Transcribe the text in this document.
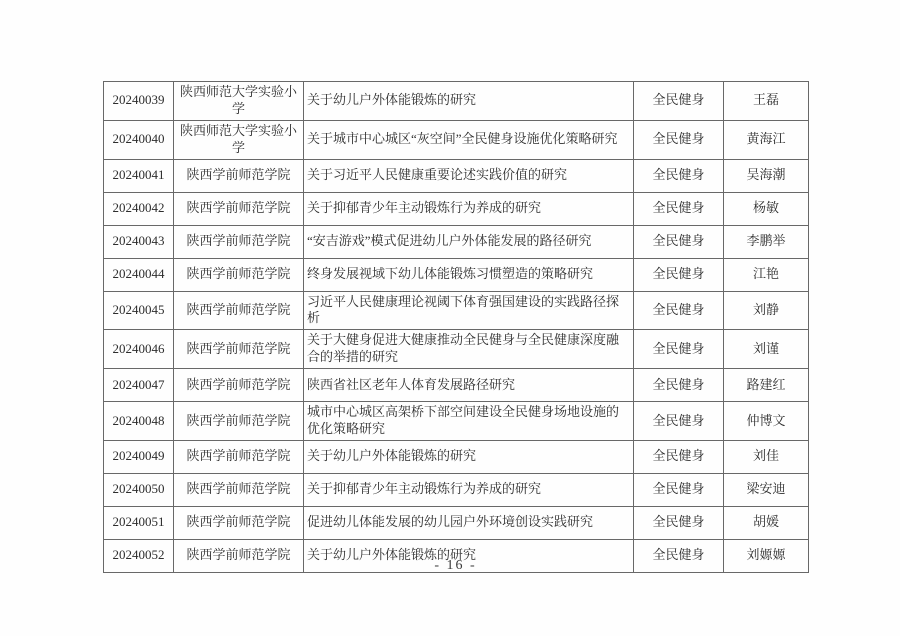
20240039	陕西师范大学实验小学	关于幼儿户外体能锻炼的研究	全民健身	王磊
20240040	陕西师范大学实验小学	关于城市中心城区“灰空间”全民健身设施优化策略研究	全民健身	黄海江
20240041	陕西学前师范学院	关于习近平人民健康重要论述实践价值的研究	全民健身	吴海潮
20240042	陕西学前师范学院	关于抑郁青少年主动锻炼行为养成的研究	全民健身	杨敏
20240043	陕西学前师范学院	“安吉游戏”模式促进幼儿户外体能发展的路径研究	全民健身	李鹏举
20240044	陕西学前师范学院	终身发展视域下幼儿体能锻炼习惯塑造的策略研究	全民健身	江艳
20240045	陕西学前师范学院	习近平人民健康理论视阈下体育强国建设的实践路径探析	全民健身	刘静
20240046	陕西学前师范学院	关于大健身促进大健康推动全民健身与全民健康深度融合的举措的研究	全民健身	刘谨
20240047	陕西学前师范学院	陕西省社区老年人体育发展路径研究	全民健身	路建红
20240048	陕西学前师范学院	城市中心城区高架桥下部空间建设全民健身场地设施的优化策略研究	全民健身	仲博文
20240049	陕西学前师范学院	关于幼儿户外体能锻炼的研究	全民健身	刘佳
20240050	陕西学前师范学院	关于抑郁青少年主动锻炼行为养成的研究	全民健身	梁安迪
20240051	陕西学前师范学院	促进幼儿体能发展的幼儿园户外环境创设实践研究	全民健身	胡媛
20240052	陕西学前师范学院	关于幼儿户外体能锻炼的研究	全民健身	刘嫄嫄
- 16 -
